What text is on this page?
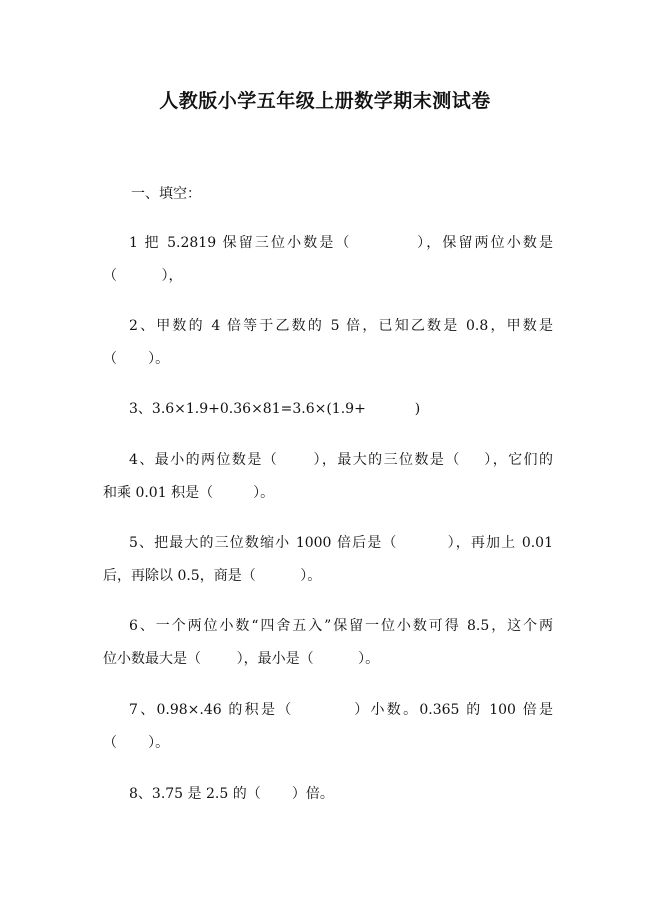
人教版小学五年级上册数学期末测试卷
一、填空：
1 把 5.2819 保留三位小数是（          ），保留两位小数是
（          ），
2、甲数的 4 倍等于乙数的 5 倍，已知乙数是 0.8，甲数是
（       ）。
3、3.6×1.9+0.36×81=3.6×(1.9+           )
4、最小的两位数是（      ），最大的三位数是（    ），它们的
和乘 0.01 积是（         ）。
5、把最大的三位数缩小 1000 倍后是（         ），再加上 0.01
后，再除以 0.5，商是（          ）。
6、一个两位小数“四舍五入”保留一位小数可得 8.5，这个两
位小数最大是（        ），最小是（          ）。
7、0.98×.46 的积是（         ）小数。0.365 的 100 倍是
（       ）。
8、3.75 是 2.5 的（       ）倍。
